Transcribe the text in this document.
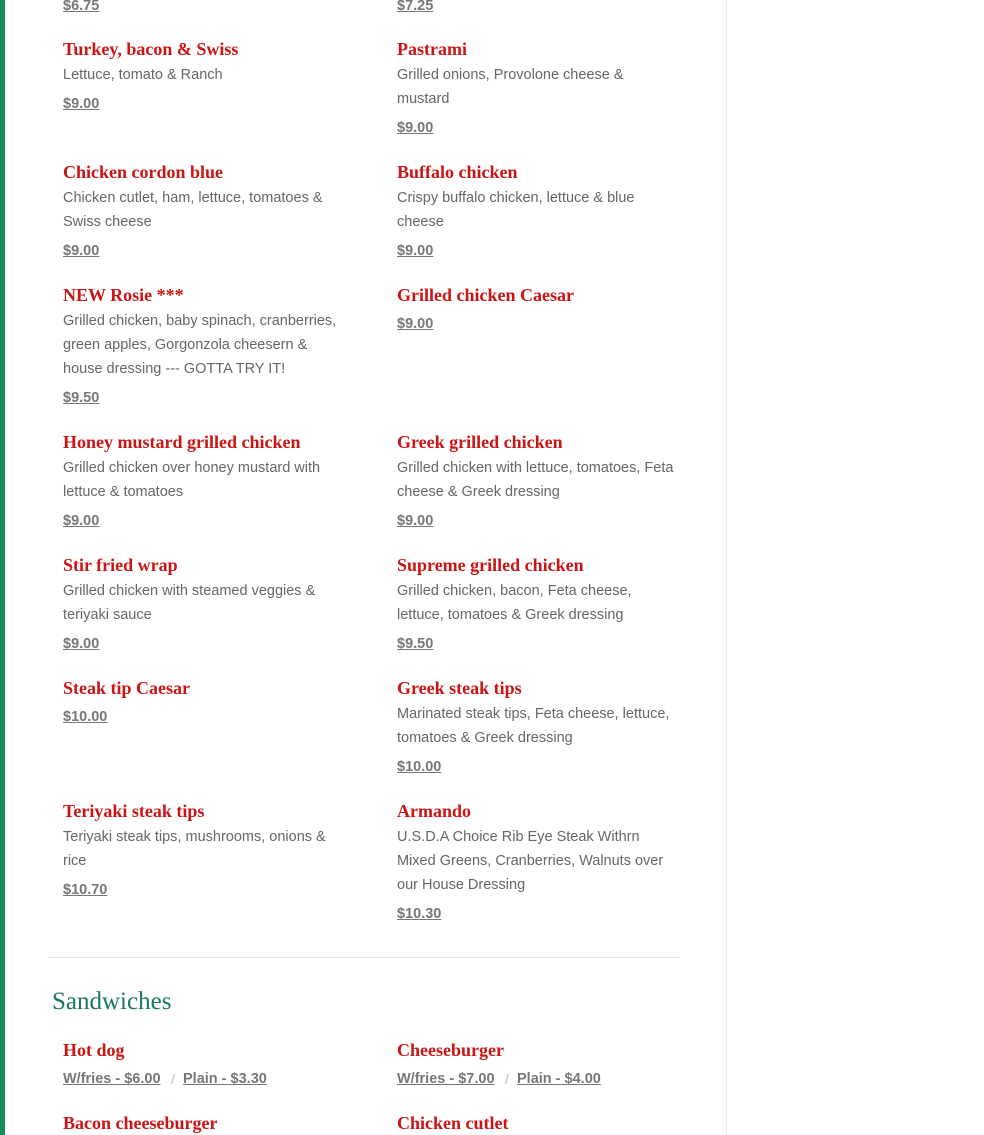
$6.75	$7.25
Turkey, bacon & Swiss
Lettuce, tomato & Ranch
$9.00
Pastrami
Grilled onions, Provolone cheese & mustard
$9.00
Chicken cordon blue
Chicken cutlet, ham, lettuce, tomatoes & Swiss cheese
$9.00
Buffalo chicken
Crispy buffalo chicken, lettuce & blue cheese
$9.00
NEW Rosie ***
Grilled chicken, baby spinach, cranberries, green apples, Gorgonzola cheesern & house dressing --- GOTTA TRY IT!
$9.50
Grilled chicken Caesar
$9.00
Honey mustard grilled chicken
Grilled chicken over honey mustard with lettuce & tomatoes
$9.00
Greek grilled chicken
Grilled chicken with lettuce, tomatoes, Feta cheese & Greek dressing
$9.00
Stir fried wrap
Grilled chicken with steamed veggies & teriyaki sauce
$9.00
Supreme grilled chicken
Grilled chicken, bacon, Feta cheese, lettuce, tomatoes & Greek dressing
$9.50
Steak tip Caesar
$10.00
Greek steak tips
Marinated steak tips, Feta cheese, lettuce, tomatoes & Greek dressing
$10.00
Teriyaki steak tips
Teriyaki steak tips, mushrooms, onions & rice
$10.70
Armando
U.S.D.A Choice Rib Eye Steak Withrn Mixed Greens, Cranberries, Walnuts over our House Dressing
$10.30
Sandwiches
Hot dog
W/fries - $6.00 / Plain - $3.30
Cheeseburger
W/fries - $7.00 / Plain - $4.00
Bacon cheeseburger	Chicken cutlet
